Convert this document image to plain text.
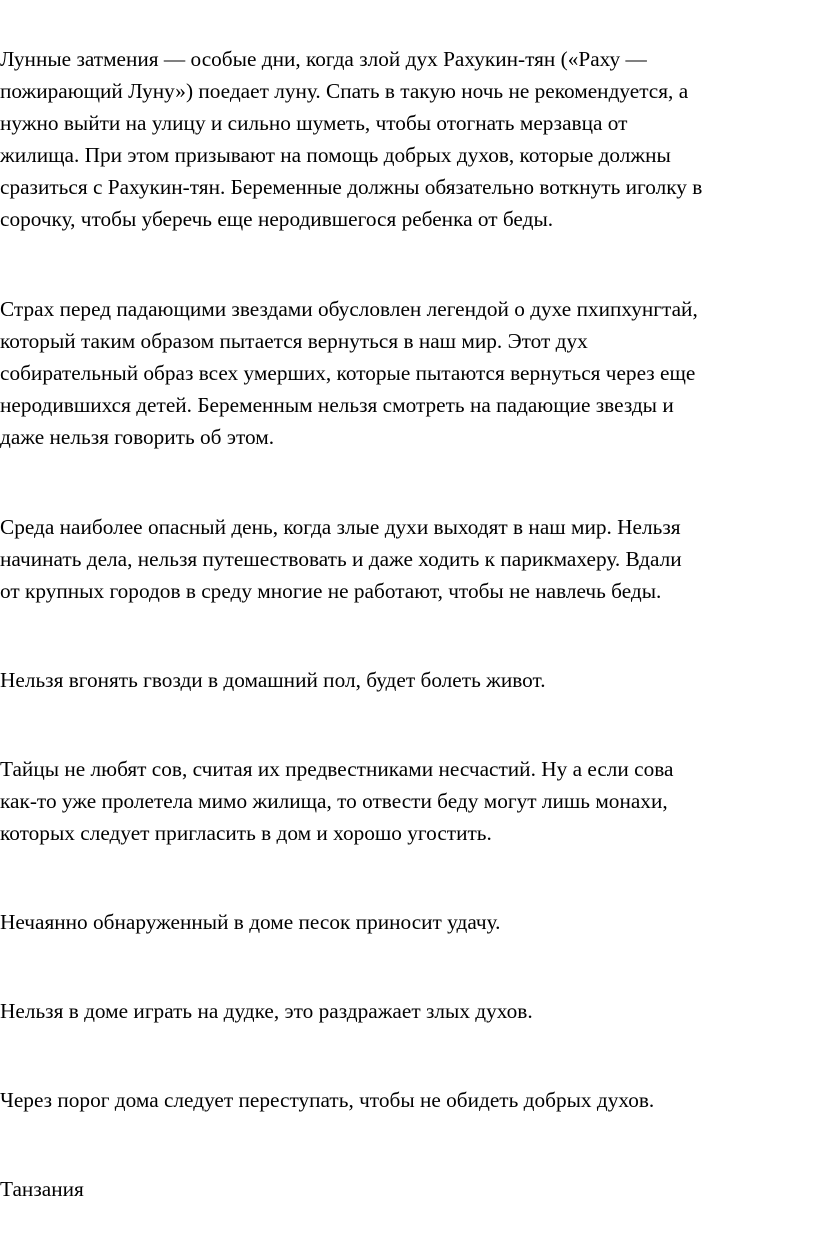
Лунные затмения — особые дни, когда злой дух Рахукин-тян («Раху —
пожирающий Луну») поедает луну. Спать в такую ночь не рекомендуется, а
нужно выйти на улицу и сильно шуметь, чтобы отогнать мерзавца от
жилища. При этом призывают на помощь добрых духов, которые должны
сразиться с Рахукин-тян. Беременные должны обязательно воткнуть иголку в
сорочку, чтобы уберечь еще неродившегося ребенка от беды.

Страх перед падающими звездами обусловлен легендой о духе пхипхунгтай,
который таким образом пытается вернуться в наш мир. Этот дух
собирательный образ всех умерших, которые пытаются вернуться через еще
неродившихся детей. Беременным нельзя смотреть на падающие звезды и
даже нельзя говорить об этом.

Среда наиболее опасный день, когда злые духи выходят в наш мир. Нельзя
начинать дела, нельзя путешествовать и даже ходить к парикмахеру. Вдали
от крупных городов в среду многие не работают, чтобы не навлечь беды.

Нельзя вгонять гвозди в домашний пол, будет болеть живот.

Тайцы не любят сов, считая их предвестниками несчастий. Ну а если сова
как-то уже пролетела мимо жилища, то отвести беду могут лишь монахи,
которых следует пригласить в дом и хорошо угостить.

Нечаянно обнаруженный в доме песок приносит удачу.

Нельзя в доме играть на дудке, это раздражает злых духов.

Через порог дома следует переступать, чтобы не обидеть добрых духов.

Танзания
